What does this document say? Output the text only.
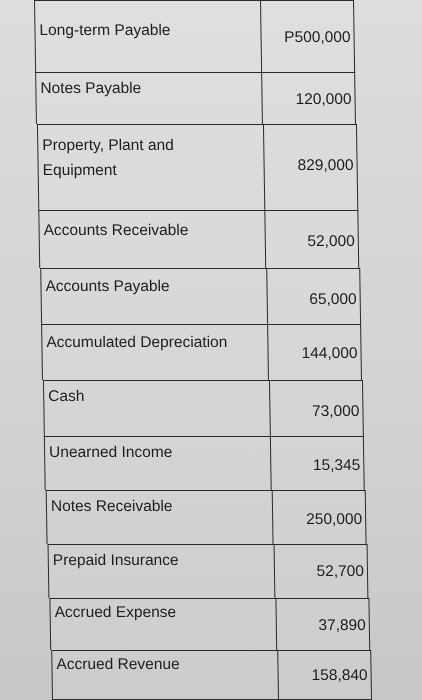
Long-term Payable	P500,000
Notes Payable
120,000
Property, Plant and Equipment	829,000
Accounts Receivable
52,000
Accounts Payable
65,000
Accumulated Depreciation
144,000
Cash
73,000
Unearned Income
15,345
Notes Receivable
250,000
Prepaid Insurance
52,700
Accrued Expense
37,890
Accrued Revenue
158,840
